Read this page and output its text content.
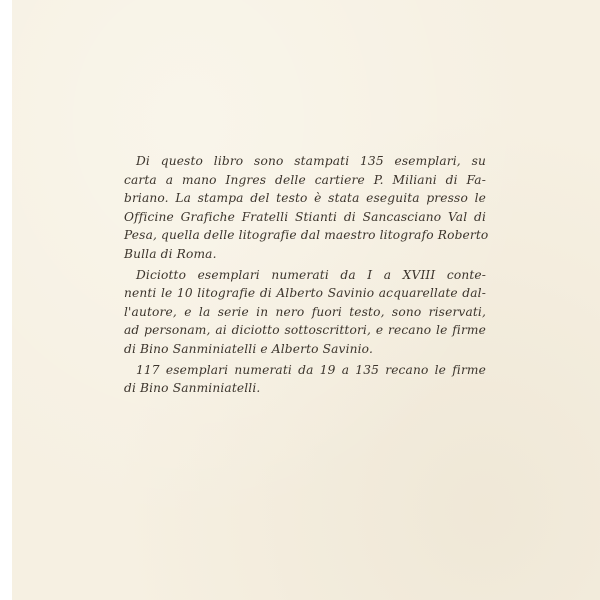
Di questo libro sono stampati 135 esemplari, su
carta a mano Ingres delle cartiere P. Miliani di Fa-
briano. La stampa del testo è stata eseguita presso le
Officine Grafiche Fratelli Stianti di Sancasciano Val di
Pesa, quella delle litografie dal maestro litografo Roberto
Bulla di Roma.
Diciotto esemplari numerati da I a XVIII conte-
nenti le 10 litografie di Alberto Savinio acquarellate dal-
l'autore, e la serie in nero fuori testo, sono riservati,
ad personam, ai diciotto sottoscrittori, e recano le firme
di Bino Sanminiatelli e Alberto Savinio.
117 esemplari numerati da 19 a 135 recano le firme
di Bino Sanminiatelli.
